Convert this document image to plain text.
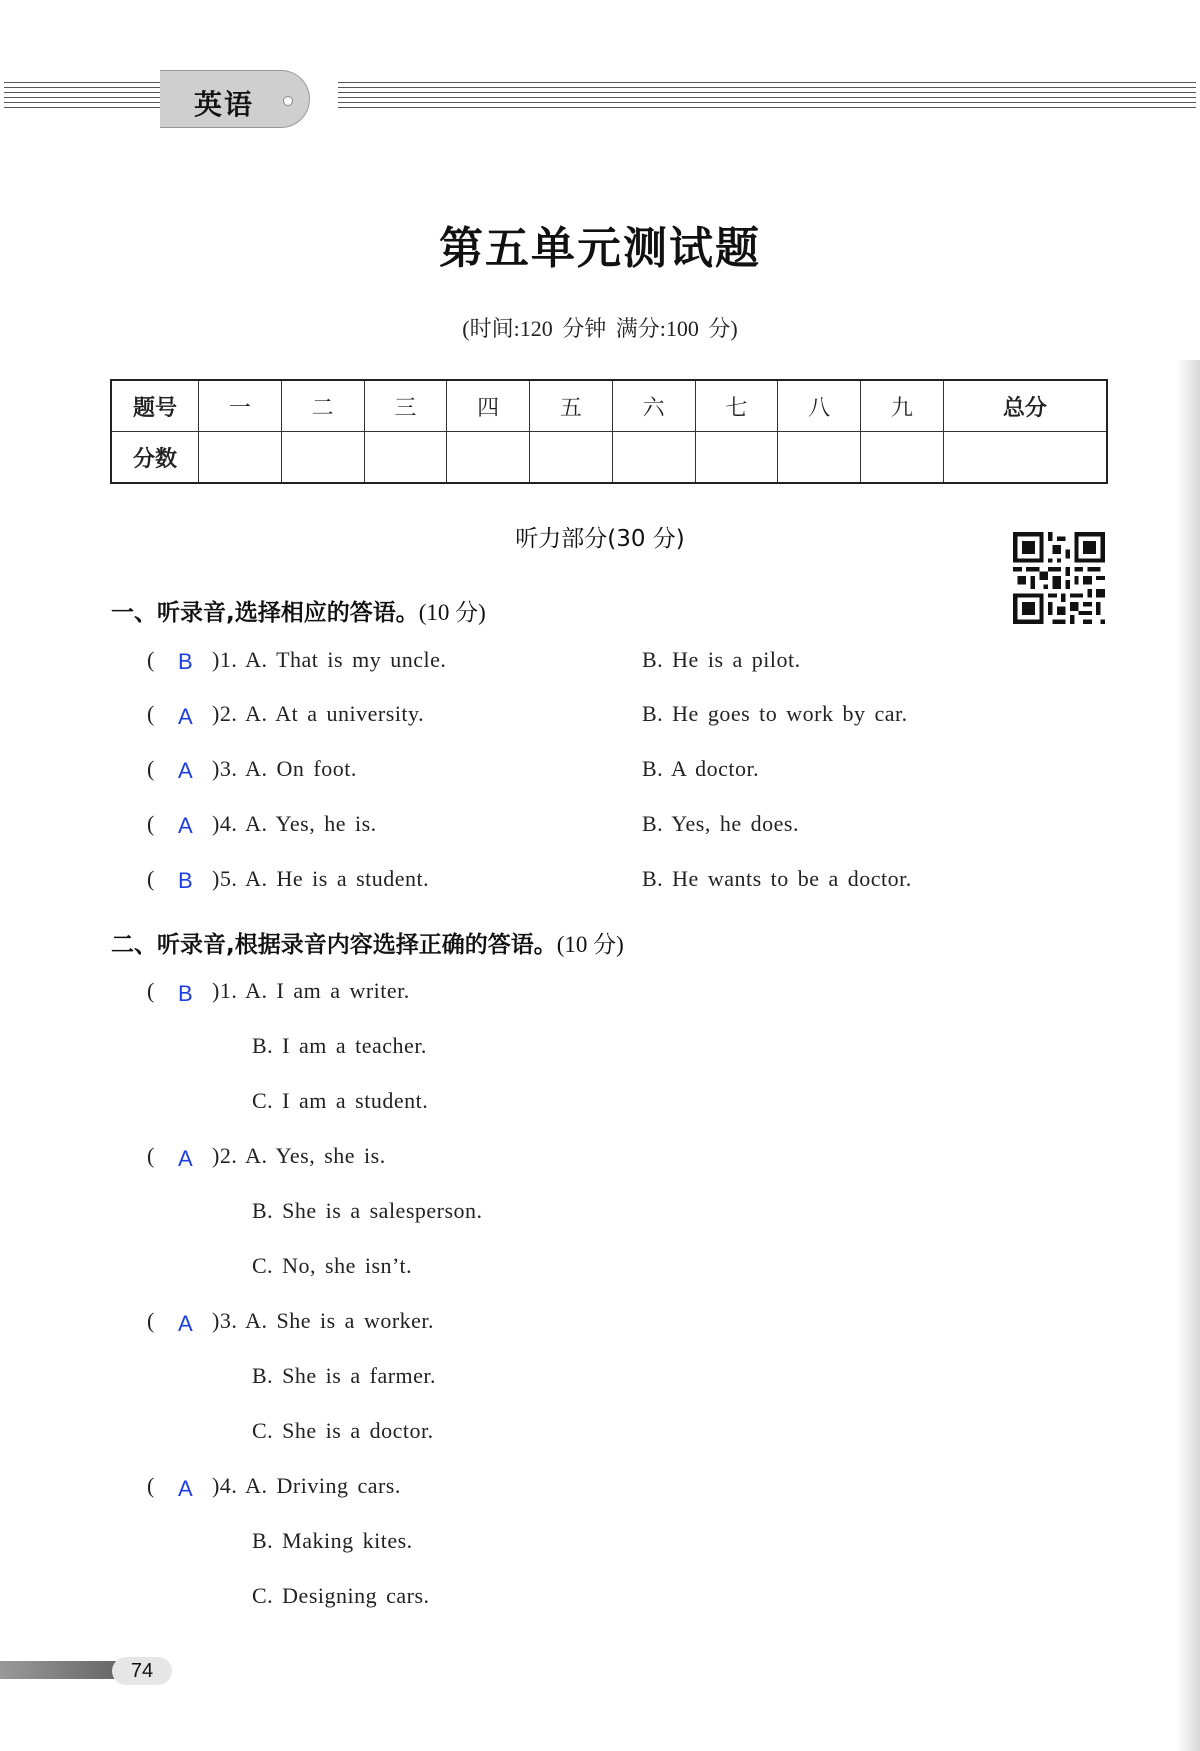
英语
第五单元测试题
(时间:120 分钟 满分:100 分)
题号	一	二	三	四	五	六	七	八	九	总分
分数										
听力部分(30 分)
一、听录音,选择相应的答语。(10 分)
( B )1. A. That is my uncle.	B. He is a pilot.
( A )2. A. At a university.	B. He goes to work by car.
( A )3. A. On foot.	B. A doctor.
( A )4. A. Yes, he is.	B. Yes, he does.
( B )5. A. He is a student.	B. He wants to be a doctor.
二、听录音,根据录音内容选择正确的答语。(10 分)
( B )1. A. I am a writer.
B. I am a teacher.
C. I am a student.
( A )2. A. Yes, she is.
B. She is a salesperson.
C. No, she isn’t.
( A )3. A. She is a worker.
B. She is a farmer.
C. She is a doctor.
( A )4. A. Driving cars.
B. Making kites.
C. Designing cars.
74
